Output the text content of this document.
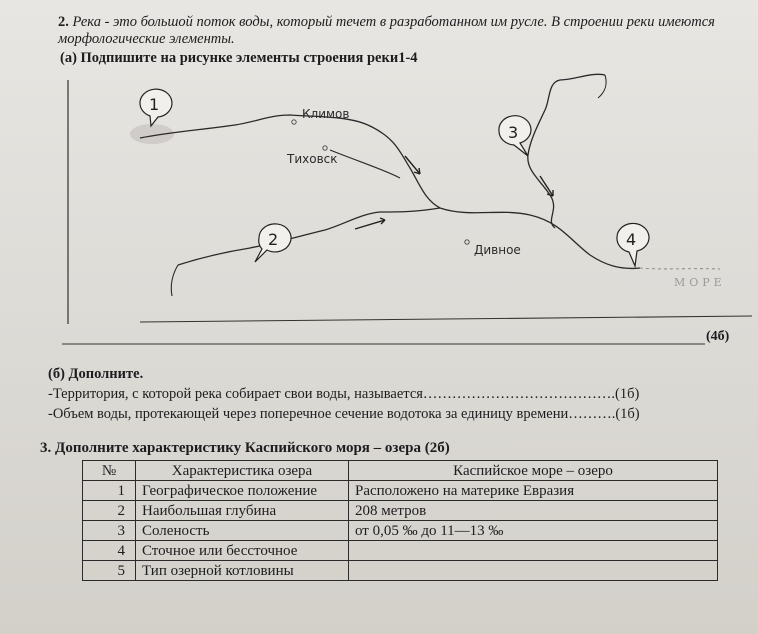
2. Река - это большой поток воды, который течет в разработанном им русле. В строении реки имеются морфологические элементы.
(а) Подпишите на рисунке элементы строения реки1-4
Климов
Тиховск
Дивное
МОРЕ
1
2
3
4
(4б)
(б) Дополните.
-Территория, с которой река собирает свои воды, называется………………………………….(1б)
-Объем воды, протекающей через поперечное сечение водотока за единицу времени……….(1б)
3. Дополните характеристику Каспийского моря – озера (2б)
№	Характеристика озера	Каспийское море – озеро
1	Географическое положение	Расположено на материке Евразия
2	Наибольшая глубина	208 метров
3	Соленость	от 0,05 ‰ до 11—13 ‰
4	Сточное или бессточное	
5	Тип озерной котловины	
